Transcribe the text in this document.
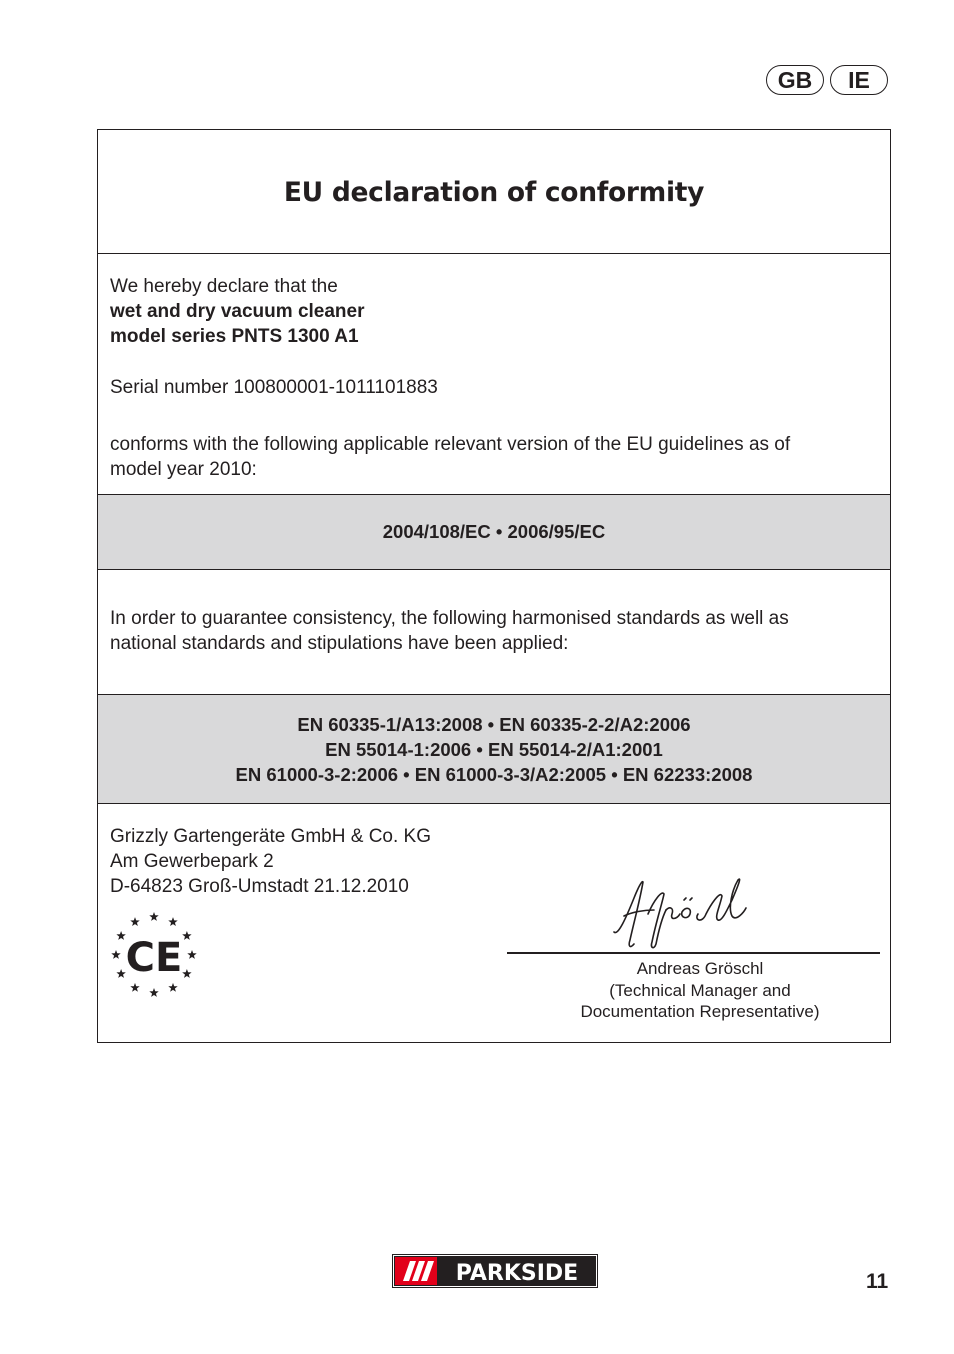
GB	IE
EU declaration of conformity

We hereby declare that the

wet and dry vacuum cleaner

model series PNTS 1300 A1

Serial number 100800001-1011101883

conforms with the following applicable relevant version of the EU guidelines as of
model year 2010:

2004/108/EC • 2006/95/EC

In order to guarantee consistency, the following harmonised standards as well as
national standards and stipulations have been applied:

EN 60335-1/A13:2008 • EN 60335-2-2/A2:2006
EN 55014-1:2006 • EN 55014-2/A1:2001
EN 61000-3-2:2006 • EN 61000-3-3/A2:2005 • EN 62233:2008
Grizzly Gartengeräte GmbH & Co. KG
Am Gewerbepark 2
D-64823 Groß-Umstadt 21.12.2010
CE
Agröschl
Andreas Gröschl
(Technical Manager and
Documentation Representative)
PARKSIDE	11
